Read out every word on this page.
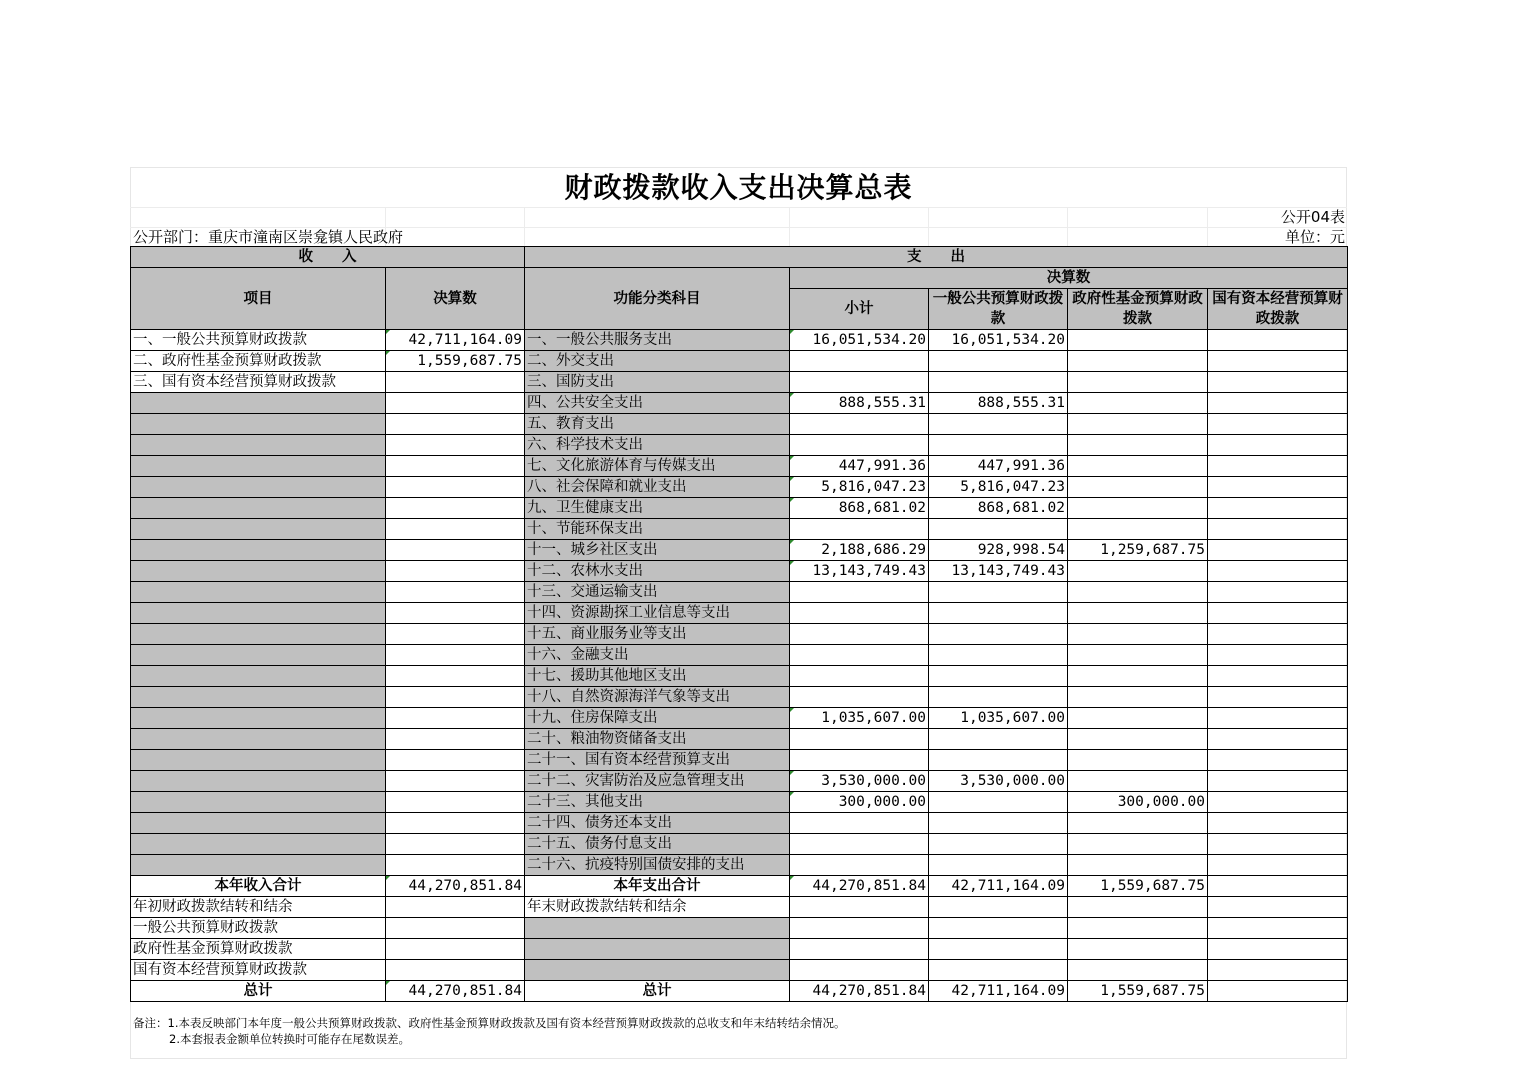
财政拨款收入支出决算总表
公开部门：重庆市潼南区崇龛镇人民政府
公开04表
单位：元
收　　入		支　　出				
项目	决算数	功能分类科目	决算数			
			小计	一般公共预算财政拨款	政府性基金预算财政拨款	国有资本经营预算财政拨款

一、一般公共预算财政拨款	42,711,164.09	一、一般公共服务支出	16,051,534.20	16,051,534.20		
二、政府性基金预算财政拨款	1,559,687.75	二、外交支出				
三、国有资本经营预算财政拨款		三、国防支出				
		四、公共安全支出	888,555.31	888,555.31		
		五、教育支出				
		六、科学技术支出				
		七、文化旅游体育与传媒支出	447,991.36	447,991.36		
		八、社会保障和就业支出	5,816,047.23	5,816,047.23		
		九、卫生健康支出	868,681.02	868,681.02		
		十、节能环保支出				
		十一、城乡社区支出	2,188,686.29	928,998.54	1,259,687.75	
		十二、农林水支出	13,143,749.43	13,143,749.43		
		十三、交通运输支出				
		十四、资源勘探工业信息等支出				
		十五、商业服务业等支出				
		十六、金融支出				
		十七、援助其他地区支出				
		十八、自然资源海洋气象等支出				
		十九、住房保障支出	1,035,607.00	1,035,607.00		
		二十、粮油物资储备支出				
		二十一、国有资本经营预算支出				
		二十二、灾害防治及应急管理支出	3,530,000.00	3,530,000.00		
		二十三、其他支出	300,000.00		300,000.00	
		二十四、债务还本支出				
		二十五、债务付息支出				
		二十六、抗疫特别国债安排的支出				
本年收入合计	44,270,851.84	本年支出合计	44,270,851.84	42,711,164.09	1,559,687.75	
年初财政拨款结转和结余		年末财政拨款结转和结余				
一般公共预算财政拨款						
政府性基金预算财政拨款						
国有资本经营预算财政拨款						
总计	44,270,851.84	总计	44,270,851.84	42,711,164.09	1,559,687.75	
备注：1.本表反映部门本年度一般公共预算财政拨款、政府性基金预算财政拨款及国有资本经营预算财政拨款的总收支和年末结转结余情况。
2.本套报表金额单位转换时可能存在尾数误差。
